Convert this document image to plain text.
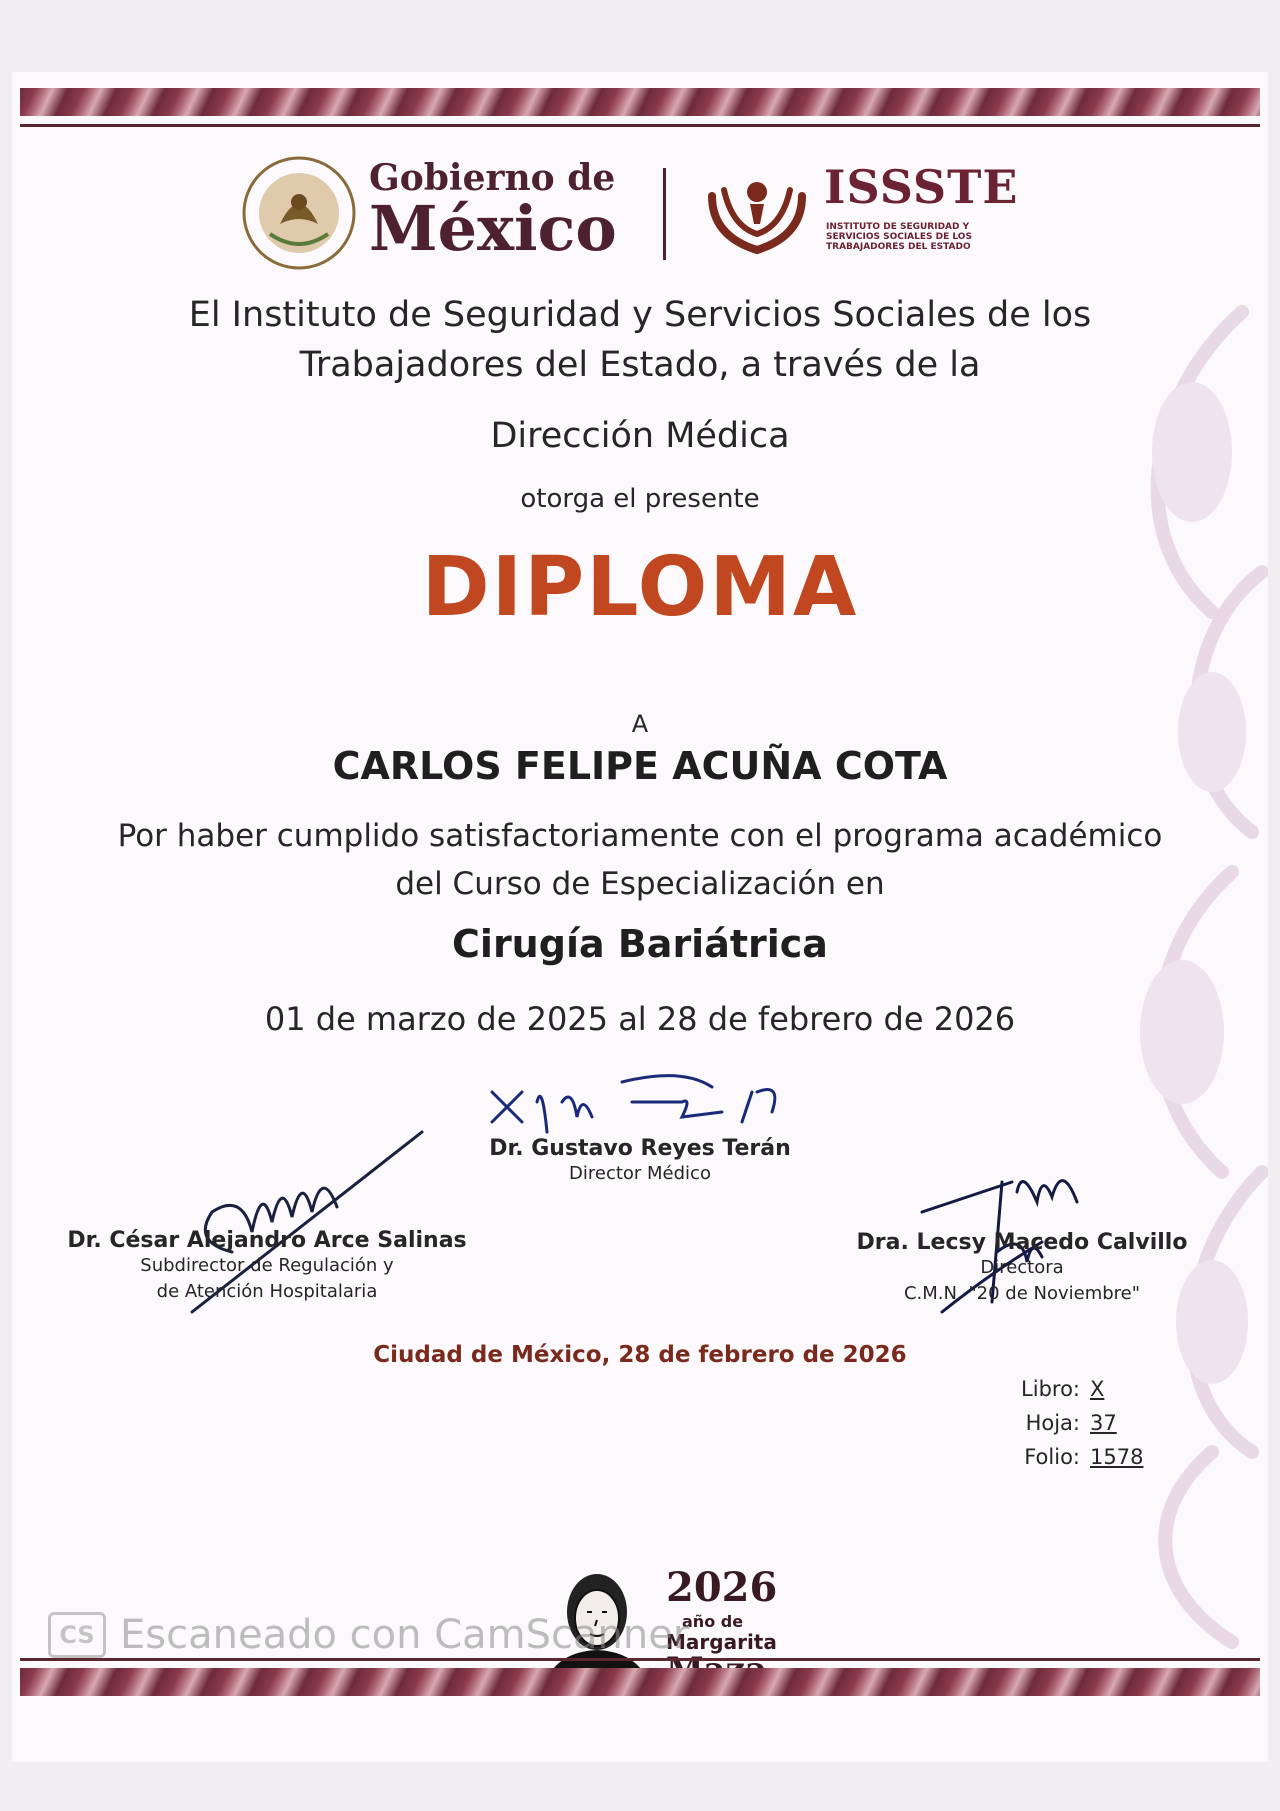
Gobierno de
México
ISSSTE
INSTITUTO DE SEGURIDAD Y SERVICIOS SOCIALES DE LOS TRABAJADORES DEL ESTADO
El Instituto de Seguridad y Servicios Sociales de los Trabajadores del Estado, a través de la
Dirección Médica
otorga el presente
DIPLOMA
A
CARLOS FELIPE ACUÑA COTA
Por haber cumplido satisfactoriamente con el programa académico del Curso de Especialización en
Cirugía Bariátrica
01 de marzo de 2025 al 28 de febrero de 2026
Dr. Gustavo Reyes Terán
Director Médico
Dr. César Alejandro Arce Salinas
Subdirector de Regulación y
de Atención Hospitalaria
Dra. Lecsy Macedo Calvillo
Directora
C.M.N. "20 de Noviembre"
Ciudad de México, 28 de febrero de 2026
Libro: X
Hoja: 37
Folio: 1578
2026
año de
Margarita
CS Escaneado con CamScanner
